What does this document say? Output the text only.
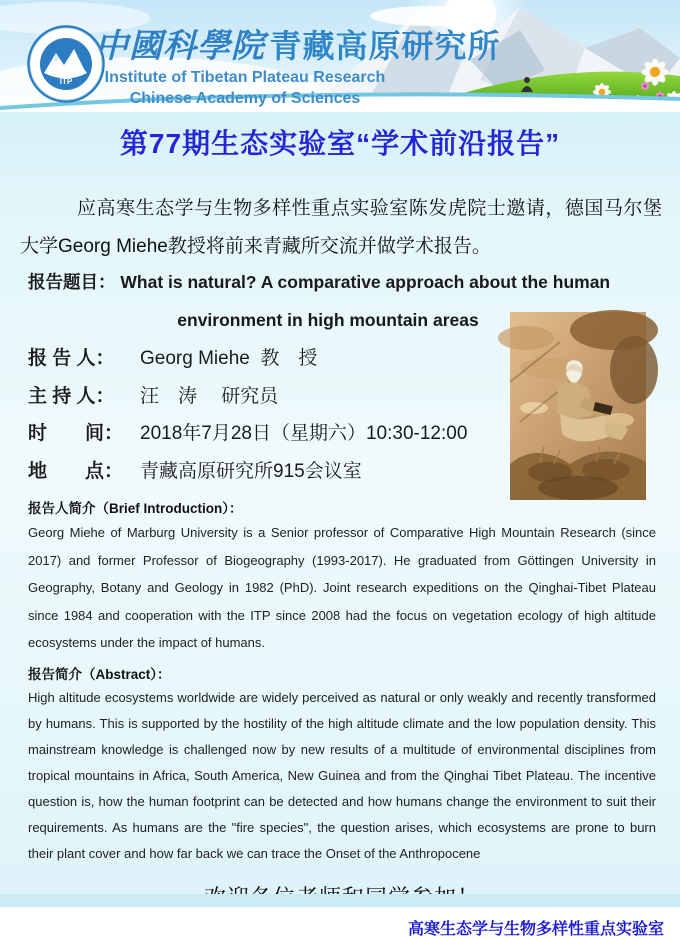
ITP
中國科學院 青藏高原研究所
Institute of Tibetan Plateau Research
Chinese Academy of Sciences
第77期生态实验室“学术前沿报告”

应高寒生态学与生物多样性重点实验室陈发虎院士邀请，德国马尔堡大学Georg Miehe教授将前来青藏所交流并做学术报告。

报告题目： What is natural? A comparative approach about the human
environment in high mountain areas
报 告 人：	Georg Miehe  教　授
主 持 人：	汪　涛　 研究员
时　　间： 2018年7月28日（星期六）10:30-12:00
地　　点： 青藏高原研究所915会议室
报告人简介（Brief Introduction）：

Georg Miehe of Marburg University is a Senior professor of Comparative High Mountain Research (since 2017) and former Professor of Biogeography (1993-2017). He graduated from Göttingen University in Geography, Botany and Geology in 1982 (PhD). Joint research expeditions on the Qinghai-Tibet Plateau since 1984 and cooperation with the ITP since 2008 had the focus on vegetation ecology of high altitude ecosystems under the impact of humans.

报告简介（Abstract）：

High altitude ecosystems worldwide are widely perceived as natural or only weakly and recently transformed by humans. This is supported by the hostility of the high altitude climate and the low population density. This mainstream knowledge is challenged now by new results of a multitude of environmental disciplines from tropical mountains in Africa, South America, New Guinea and from the Qinghai Tibet Plateau. The incentive question is, how the human footprint can be detected and how humans change the environment to suit their requirements. As humans are the "fire species", the question arises, which ecosystems are prone to burn their plant cover and how far back we can trace the Onset of the Anthropocene

高寒生态学与生物多样性重点实验室
